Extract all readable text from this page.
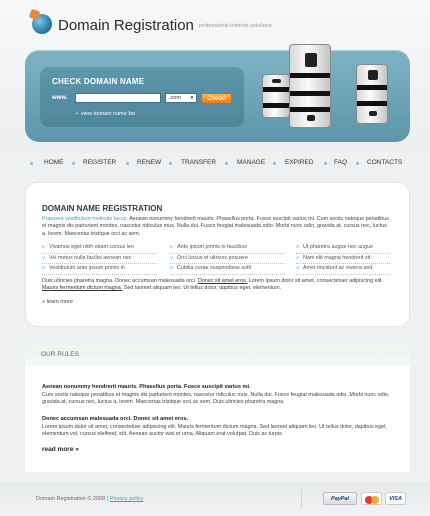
Domain Registration professional internet solutions
CHECK DOMAIN NAME
www.	.com ▼	Check!
• view domain name list
HOME	REGISTER	RENEW	TRANSFER	MANAGE	EXPIRED	FAQ	CONTACTS
DOMAIN NAME REGISTRATION
Praesent vestibulum molestie lacus. Aenean nonummy hendrerit mauris. Phasellus porta. Fusce suscipit varius mi. Cum sociis natoque penatibus et magnis dis parturient montes, nascetur ridiculus mus. Nulla dui. Fusce feugiat malesuada odio. Morbi nunc odio, gravida at, cursus nec, luctus a, lorem. Maecenas tristique orci ac sem.
» Vivamus eget nibh etiam cursus leo
» Vel metus nulla facilisi aenean nec
» Vestibulum ante ipsum primis in
» Ante ipsum primis in faucibus
» Orci luctus et ultrices posuere
» Cubilia curae suspendisse sollt
» Ut pharetra augue nec augue
» Nam elit magna hendrerit sit
» Amet tincidunt ac viverra sed
Duis ultricies pharetra magna. Donec accumsan malesuada orci. Donec sit amet eros. Lorem ipsum dolor sit amet, consectetuer adipiscing elit. Mauris fermentum dictum magna. Sed laoreet aliquam leo. Ut tellus dolor, dapibus eget, elementum.
» learn more
OUR RULES
Aenean nonummy hendrerit mauris. Phasellus porta. Fusce suscipit varius mi.
Cum sociis natoque penatibus et magnis dis parturient montes, nascetur ridiculus mus. Nulla dui. Fusce feugiat malesuada odio. Morbi nunc odio, gravida at, cursus nec, luctus a, lorem. Maecenas tristique orci ac sem. Duis ultricies pharetra magna.
Donec accumsan malesuada orci. Donec sit amet eros.
Lorem ipsum dolor sit amet, consectetuer adipiscing elit. Mauris fermentum dictum magna. Sed laoreet aliquam leo. Ut tellus dolor, dapibus eget, elementum vel, cursus eleifend, elit. Aenean auctor wisi et urna. Aliquam erat volutpat. Duis ac turpis.
read more »
Domain Registration © 2008 | Privacy policy	PayPal	VISA
